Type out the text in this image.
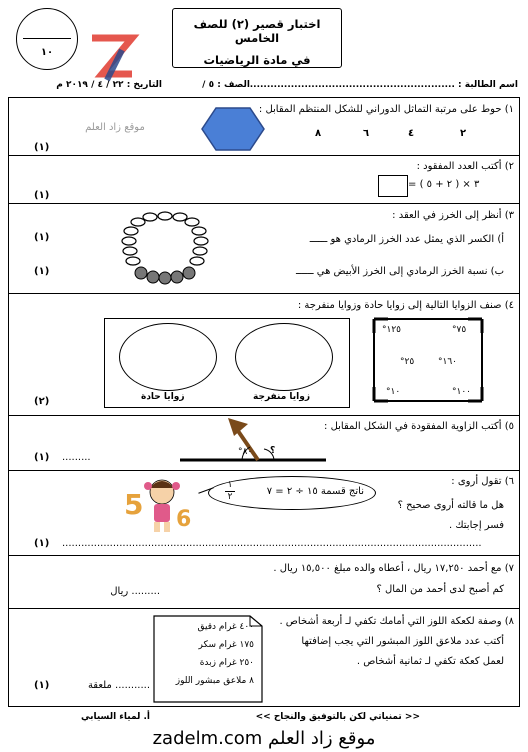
١٠
موقع زاد العلم
اختبار قصير (٢) للصف الخامس
في مادة الرياضيات
اسم الطالبة : ............................................................
الصف : ٥ /
التاريخ : ٢٢ / ٤ / ٢٠١٩ م
١) حوط على مرتبة التماثل الدوراني للشكل المنتظم المقابل :
٨	٦	٤	٢
(١)
٢) أكتب العدد المفقود :
= ٣ × ( ٢ + ٥ )
(١)
٣) أنظر إلى الخرز في العقد :
أ) الكسر الذي يمثل عدد الخرز الرمادي هو ــــــ
ب) نسبة الخرز الرمادي إلى الخرز الأبيض هي ــــــ
(١)
(١)
٤) صنف الزوايا التالية إلى زوايا حادة وزوايا منفرجة :
زوايا منفرجة
زوايا حادة
°١٢٥	°٧٥
°٢٥	°١٦٠
°١٠	°١٠٠
(٢)
٥) أكتب الزاوية المفقودة في الشكل المقابل :
°٨٠ ؟
.........
(١)
٦) تقول أروى :
5 6
ناتج قسمة ١٥ ÷ ٢ = ٧
١
٢
هل ما قالته أروى صحيح ؟
فسر إجابتك .
....................................................................................................................................
(١)
٧) مع أحمد ١٧,٢٥٠ ريال ، أعطاه والده مبلغ ١٥,٥٠٠ ريال .
كم أصبح لدى أحمد من المال ؟
......... ريال
٨) وصفة لكعكة اللوز التي أمامك تكفي لـ أربعة أشخاص .
أكتب عدد ملاعق اللوز المبشور التي يجب إضافتها
لعمل كعكة تكفي لـ ثمانية أشخاص .
٤٠٠ غرام دقيق
١٧٥ غرام سكر
٢٥٠ غرام زبدة
٨ ملاعق مبشور اللوز
........... ملعقة
(١)
أ. لمياء السيابي	<< تمنياتي لكن بالتوفيق والنجاح >>
zadelm.com موقع زاد العلم
